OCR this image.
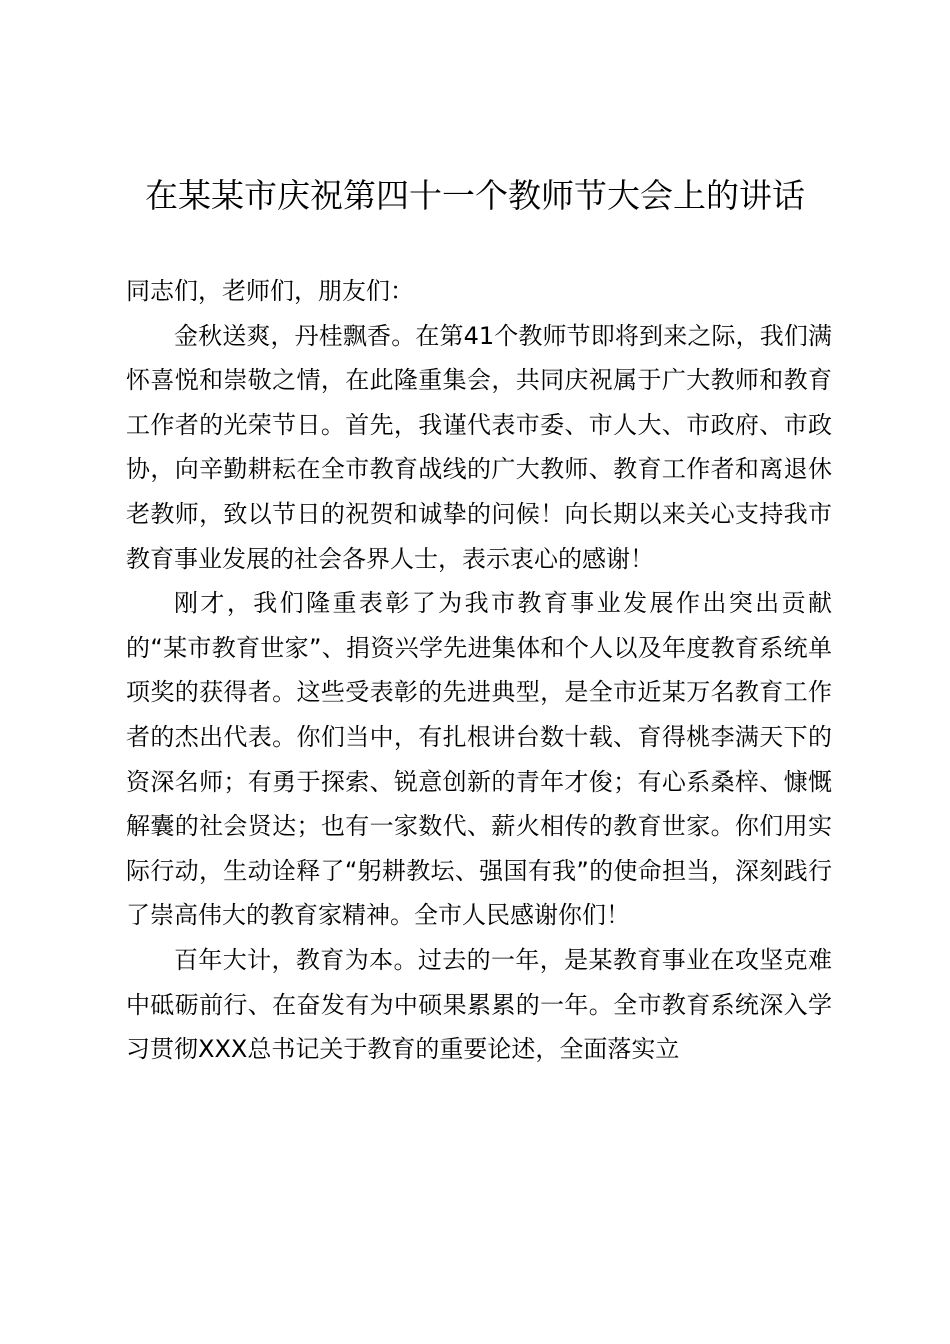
在某某市庆祝第四十一个教师节大会上的讲话

同志们，老师们，朋友们：

金秋送爽，丹桂飘香。在第41个教师节即将到来之际，我们满怀喜悦和崇敬之情，在此隆重集会，共同庆祝属于广大教师和教育工作者的光荣节日。首先，我谨代表市委、市人大、市政府、市政协，向辛勤耕耘在全市教育战线的广大教师、教育工作者和离退休老教师，致以节日的祝贺和诚挚的问候！向长期以来关心支持我市教育事业发展的社会各界人士，表示衷心的感谢！

刚才，我们隆重表彰了为我市教育事业发展作出突出贡献的“某市教育世家”、捐资兴学先进集体和个人以及年度教育系统单项奖的获得者。这些受表彰的先进典型，是全市近某万名教育工作者的杰出代表。你们当中，有扎根讲台数十载、育得桃李满天下的资深名师；有勇于探索、锐意创新的青年才俊；有心系桑梓、慷慨解囊的社会贤达；也有一家数代、薪火相传的教育世家。你们用实际行动，生动诠释了“躬耕教坛、强国有我”的使命担当，深刻践行了崇高伟大的教育家精神。全市人民感谢你们！

百年大计，教育为本。过去的一年，是某教育事业在攻坚克难中砥砺前行、在奋发有为中硕果累累的一年。全市教育系统深入学习贯彻XXX总书记关于教育的重要论述，全面落实立
